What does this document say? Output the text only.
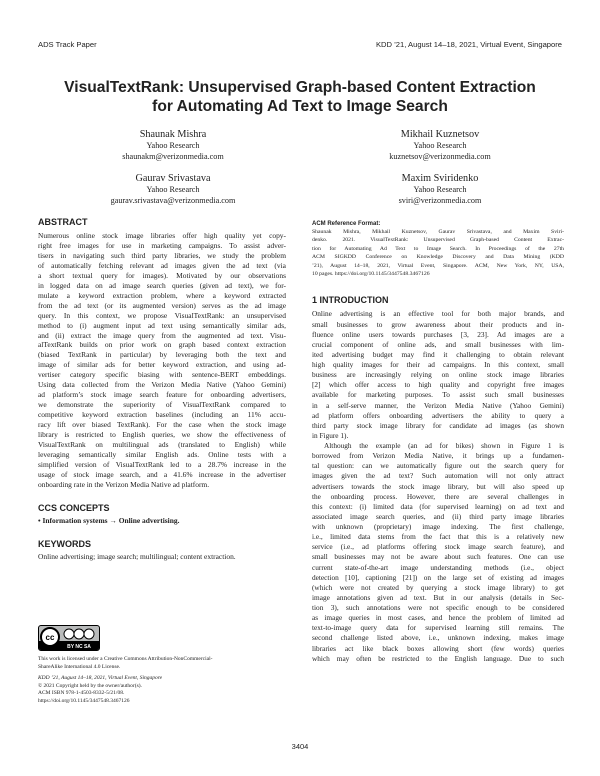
ADS Track Paper	KDD ’21, August 14–18, 2021, Virtual Event, Singapore
VisualTextRank: Unsupervised Graph-based Content Extraction
for Automating Ad Text to Image Search
Shaunak Mishra
Yahoo Research
shaunakm@verizonmedia.com
Mikhail Kuznetsov
Yahoo Research
kuznetsov@verizonmedia.com
Gaurav Srivastava
Yahoo Research
gaurav.srivastava@verizonmedia.com
Maxim Sviridenko
Yahoo Research
sviri@verizonmedia.com
ABSTRACT
Numerous online stock image libraries offer high quality yet copy-
right free images for use in marketing campaigns. To assist adver-
tisers in navigating such third party libraries, we study the problem
of automatically fetching relevant ad images given the ad text (via
a short textual query for images). Motivated by our observations
in logged data on ad image search queries (given ad text), we for-
mulate a keyword extraction problem, where a keyword extracted
from the ad text (or its augmented version) serves as the ad image
query. In this context, we propose VisualTextRank: an unsupervised
method to (i) augment input ad text using semantically similar ads,
and (ii) extract the image query from the augmented ad text. Visu-
alTextRank builds on prior work on graph based context extraction
(biased TextRank in particular) by leveraging both the text and
image of similar ads for better keyword extraction, and using ad-
vertiser category specific biasing with sentence-BERT embeddings.
Using data collected from the Verizon Media Native (Yahoo Gemini)
ad platform’s stock image search feature for onboarding advertisers,
we demonstrate the superiority of VisualTextRank compared to
competitive keyword extraction baselines (including an 11% accu-
racy lift over biased TextRank). For the case when the stock image
library is restricted to English queries, we show the effectiveness of
VisualTextRank on multilingual ads (translated to English) while
leveraging semantically similar English ads. Online tests with a
simplified version of VisualTextRank led to a 28.7% increase in the
usage of stock image search, and a 41.6% increase in the advertiser
onboarding rate in the Verizon Media Native ad platform.
CCS CONCEPTS
• Information systems → Online advertising.
KEYWORDS
Online advertising; image search; multilingual; content extraction.
cc
BY NC SA
This work is licensed under a Creative Commons Attribution-NonCommercial-
ShareAlike International 4.0 License.
KDD ’21, August 14–18, 2021, Virtual Event, Singapore
© 2021 Copyright held by the owner/author(s).
ACM ISBN 978-1-4503-8332-5/21/08.
https://doi.org/10.1145/3447548.3467126
ACM Reference Format:
Shaunak Mishra, Mikhail Kuznetsov, Gaurav Srivastava, and Maxim Sviri-
denko. 2021. VisualTextRank: Unsupervised Graph-based Content Extrac-
tion for Automating Ad Text to Image Search. In Proceedings of the 27th
ACM SIGKDD Conference on Knowledge Discovery and Data Mining (KDD
’21), August 14–18, 2021, Virtual Event, Singapore. ACM, New York, NY, USA,
10 pages. https://doi.org/10.1145/3447548.3467126
1 INTRODUCTION
Online advertising is an effective tool for both major brands, and
small businesses to grow awareness about their products and in-
fluence online users towards purchases [3, 23]. Ad images are a
crucial component of online ads, and small businesses with lim-
ited advertising budget may find it challenging to obtain relevant
high quality images for their ad campaigns. In this context, small
business are increasingly relying on online stock image libraries
[2] which offer access to high quality and copyright free images
available for marketing purposes. To assist such small businesses
in a self-serve manner, the Verizon Media Native (Yahoo Gemini)
ad platform offers onboarding advertisers the ability to query a
third party stock image library for candidate ad images (as shown
in Figure 1).
Although the example (an ad for bikes) shown in Figure 1 is
borrowed from Verizon Media Native, it brings up a fundamen-
tal question: can we automatically figure out the search query for
images given the ad text? Such automation will not only attract
advertisers towards the stock image library, but will also speed up
the onboarding process. However, there are several challenges in
this context: (i) limited data (for supervised learning) on ad text and
associated image search queries, and (ii) third party image libraries
with unknown (proprietary) image indexing. The first challenge,
i.e., limited data stems from the fact that this is a relatively new
service (i.e., ad platforms offering stock image search feature), and
small businesses may not be aware about such features. One can use
current state-of-the-art image understanding methods (i.e., object
detection [10], captioning [21]) on the large set of existing ad images
(which were not created by querying a stock image library) to get
image annotations given ad text. But in our analysis (details in Sec-
tion 3), such annotations were not specific enough to be considered
as image queries in most cases, and hence the problem of limited ad
text-to-image query data for supervised learning still remains. The
second challenge listed above, i.e., unknown indexing, makes image
libraries act like black boxes allowing short (few words) queries
which may often be restricted to the English language. Due to such
3404
